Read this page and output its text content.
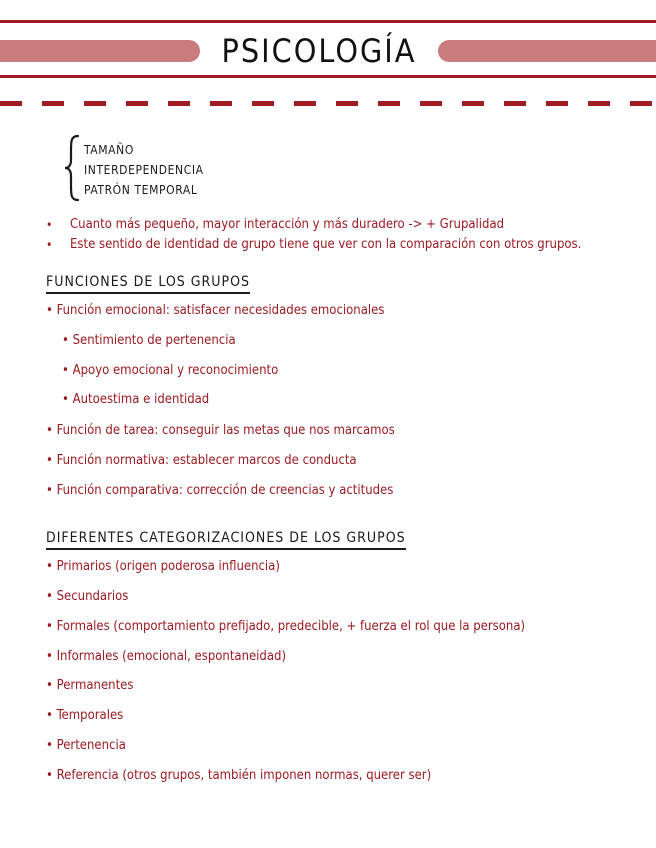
PSICOLOGÍA
TAMAÑO
INTERDEPENDENCIA
PATRÓN TEMPORAL
• Cuanto más pequeño, mayor interacción y más duradero -> + Grupalidad
• Este sentido de identidad de grupo tiene que ver con la comparación con otros grupos.
FUNCIONES DE LOS GRUPOS
• Función emocional: satisfacer necesidades emocionales
• Sentimiento de pertenencia
• Apoyo emocional y reconocimiento
• Autoestima e identidad
• Función de tarea: conseguir las metas que nos marcamos
• Función normativa: establecer marcos de conducta
• Función comparativa: corrección de creencias y actitudes
DIFERENTES CATEGORIZACIONES DE LOS GRUPOS
• Primarios (origen poderosa influencia)
• Secundarios
• Formales (comportamiento prefijado, predecible, + fuerza el rol que la persona)
• Informales (emocional, espontaneidad)
• Permanentes
• Temporales
• Pertenencia
• Referencia (otros grupos, también imponen normas, querer ser)
